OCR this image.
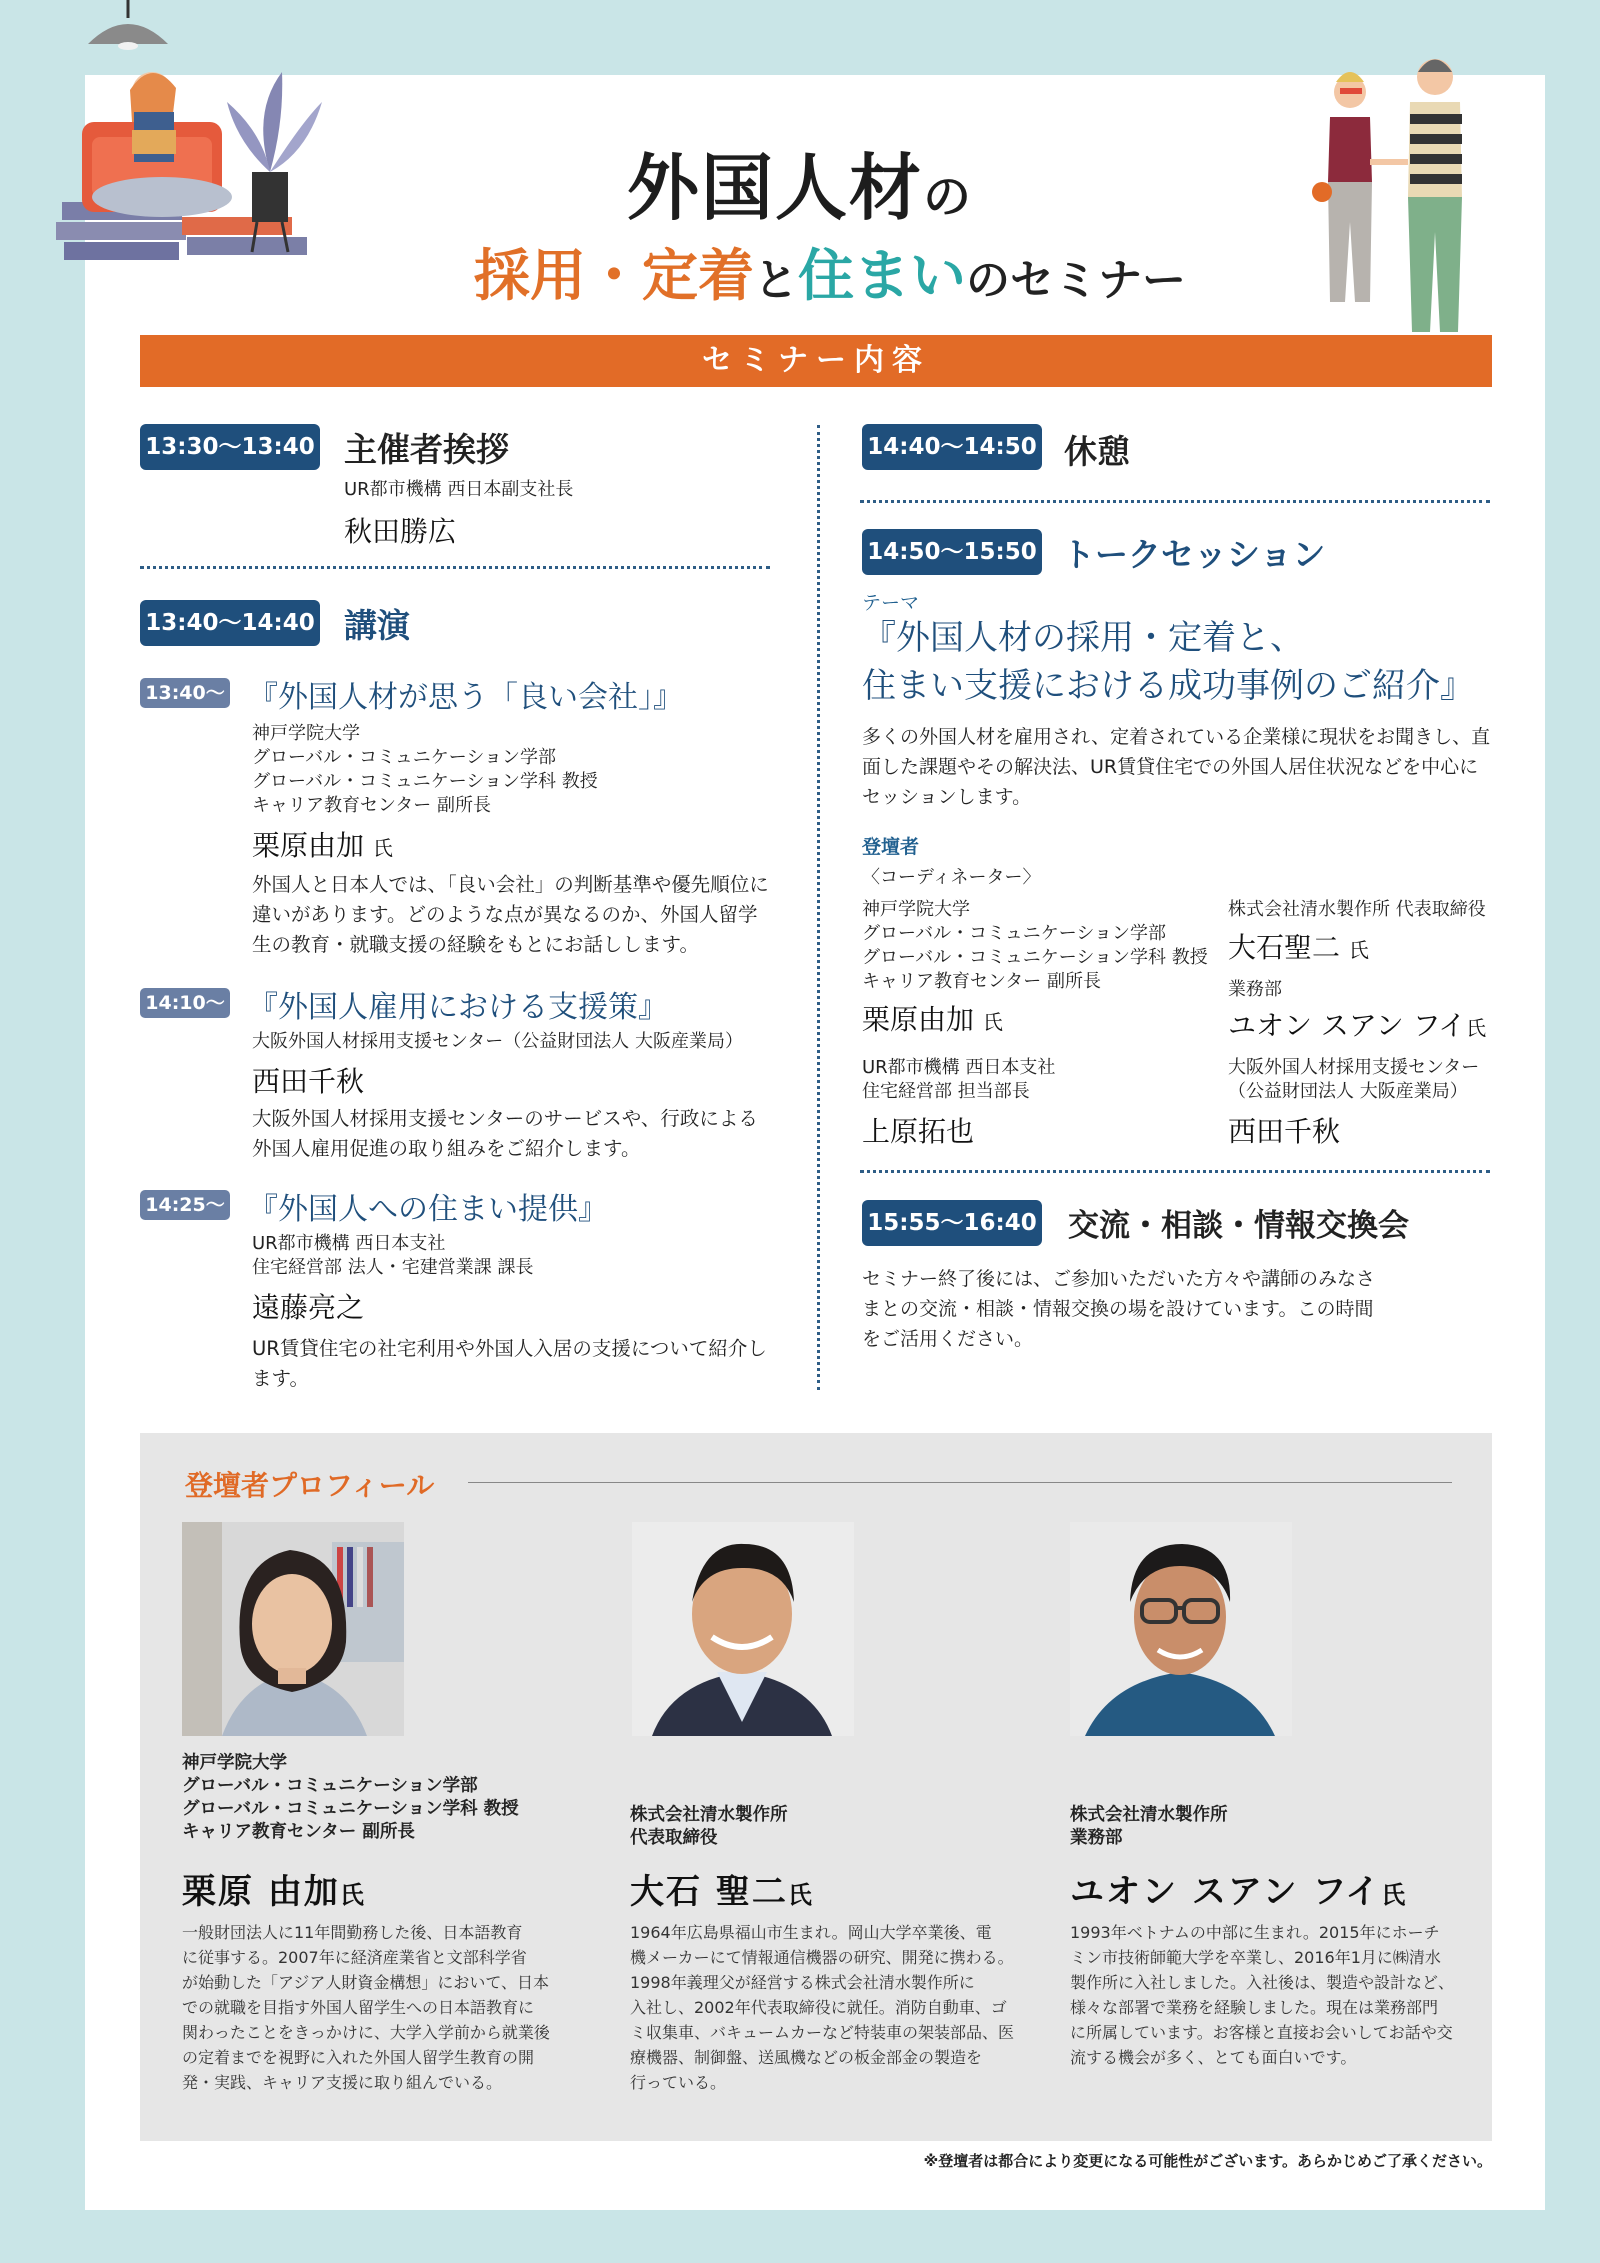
外国人材の
採用・定着と住まいのセミナー
セミナー内容
13:30〜13:40 主催者挨拶
UR都市機構 西日本副支社長
秋田勝広
13:40〜14:40 講演
13:40〜 『外国人材が思う「良い会社」』
神戸学院大学
グローバル・コミュニケーション学部
グローバル・コミュニケーション学科 教授
キャリア教育センター 副所長
栗原由加 氏
外国人と日本人では、「良い会社」の判断基準や優先順位に違いがあります。どのような点が異なるのか、外国人留学生の教育・就職支援の経験をもとにお話しします。
14:10〜 『外国人雇用における支援策』
大阪外国人材採用支援センター（公益財団法人 大阪産業局）
西田千秋
大阪外国人材採用支援センターのサービスや、行政による外国人雇用促進の取り組みをご紹介します。
14:25〜 『外国人への住まい提供』
UR都市機構 西日本支社
住宅経営部 法人・宅建営業課 課長
遠藤亮之
UR賃貸住宅の社宅利用や外国人入居の支援について紹介します。
14:40〜14:50 休憩
14:50〜15:50 トークセッション
テーマ
『外国人材の採用・定着と、
住まい支援における成功事例のご紹介』
多くの外国人材を雇用され、定着されている企業様に現状をお聞きし、直面した課題やその解決法、UR賃貸住宅での外国人居住状況などを中心にセッションします。
登壇者
〈コーディネーター〉
神戸学院大学
グローバル・コミュニケーション学部
グローバル・コミュニケーション学科 教授
キャリア教育センター 副所長
栗原由加 氏
UR都市機構 西日本支社
住宅経営部 担当部長
上原拓也
株式会社清水製作所 代表取締役
大石聖二 氏
業務部
ユオン スアン フイ氏
大阪外国人材採用支援センター
（公益財団法人 大阪産業局）
西田千秋
15:55〜16:40 交流・相談・情報交換会
セミナー終了後には、ご参加いただいた方々や講師のみなさ
まとの交流・相談・情報交換の場を設けています。この時間
をご活用ください。
登壇者プロフィール
神戸学院大学
グローバル・コミュニケーション学部
グローバル・コミュニケーション学科 教授
キャリア教育センター 副所長
栗原 由加氏
一般財団法人に11年間勤務した後、日本語教育
に従事する。2007年に経済産業省と文部科学省
が始動した「アジア人財資金構想」において、日本
での就職を目指す外国人留学生への日本語教育に
関わったことをきっかけに、大学入学前から就業後
の定着までを視野に入れた外国人留学生教育の開
発・実践、キャリア支援に取り組んでいる。
株式会社清水製作所
代表取締役
大石 聖二氏
1964年広島県福山市生まれ。岡山大学卒業後、電
機メーカーにて情報通信機器の研究、開発に携わる。
1998年義理父が経営する株式会社清水製作所に
入社し、2002年代表取締役に就任。消防自動車、ゴ
ミ収集車、バキュームカーなど特装車の架装部品、医
療機器、制御盤、送風機などの板金部金の製造を
行っている。
株式会社清水製作所
業務部
ユオン スアン フイ氏
1993年ベトナムの中部に生まれ。2015年にホーチ
ミン市技術師範大学を卒業し、2016年1月に㈱清水
製作所に入社しました。入社後は、製造や設計など、
様々な部署で業務を経験しました。現在は業務部門
に所属しています。お客様と直接お会いしてお話や交
流する機会が多く、とても面白いです。
※登壇者は都合により変更になる可能性がございます。あらかじめご了承ください。
